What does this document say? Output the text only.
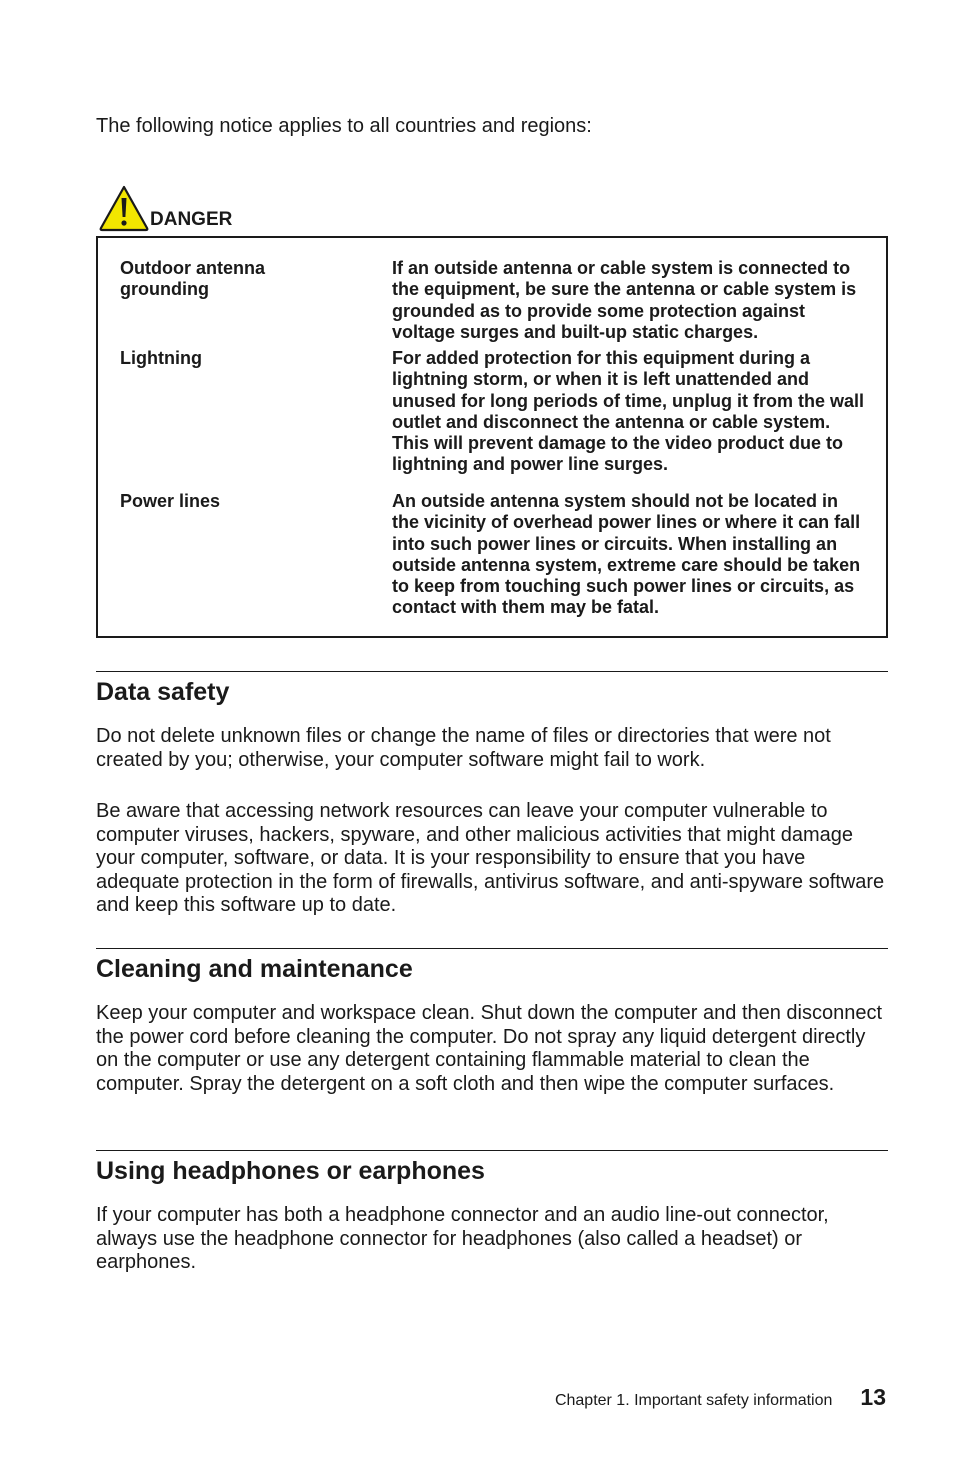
The following notice applies to all countries and regions:

DANGER
Outdoor antenna
grounding
If an outside antenna or cable system is connected to the equipment, be sure the antenna or cable system is grounded as to provide some protection against voltage surges and built-up static charges.
Lightning	For added protection for this equipment during a lightning storm, or when it is left unattended and unused for long periods of time, unplug it from the wall outlet and disconnect the antenna or cable system. This will prevent damage to the video product due to lightning and power line surges.
Power lines	An outside antenna system should not be located in the vicinity of overhead power lines or where it can fall into such power lines or circuits. When installing an outside antenna system, extreme care should be taken to keep from touching such power lines or circuits, as contact with them may be fatal.
Data safety

Do not delete unknown files or change the name of files or directories that were not created by you; otherwise, your computer software might fail to work.

Be aware that accessing network resources can leave your computer vulnerable to computer viruses, hackers, spyware, and other malicious activities that might damage your computer, software, or data. It is your responsibility to ensure that you have adequate protection in the form of firewalls, antivirus software, and anti-spyware software and keep this software up to date.

Cleaning and maintenance

Keep your computer and workspace clean. Shut down the computer and then disconnect the power cord before cleaning the computer. Do not spray any liquid detergent directly on the computer or use any detergent containing flammable material to clean the computer. Spray the detergent on a soft cloth and then wipe the computer surfaces.

Using headphones or earphones

If your computer has both a headphone connector and an audio line-out connector, always use the headphone connector for headphones (also called a headset) or earphones.

Chapter 1. Important safety information 13
